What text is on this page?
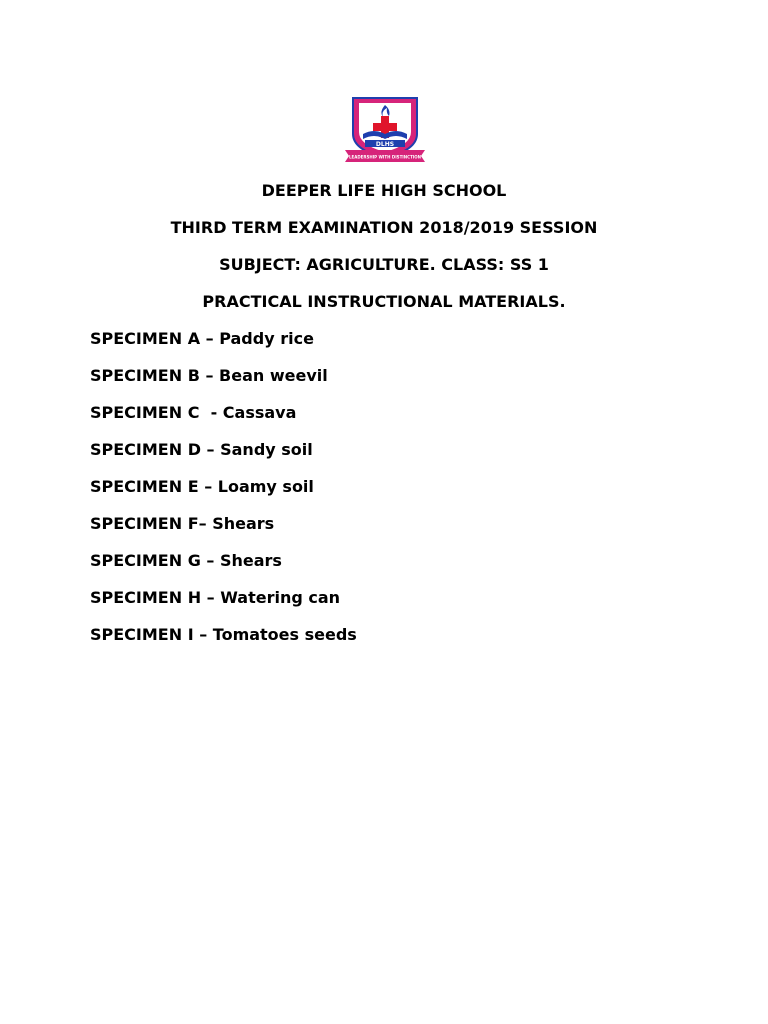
DLHS
LEADERSHIP WITH DISTINCTION
DEEPER LIFE HIGH SCHOOL
THIRD TERM EXAMINATION 2018/2019 SESSION
SUBJECT: AGRICULTURE. CLASS: SS 1
PRACTICAL INSTRUCTIONAL MATERIALS.
SPECIMEN A – Paddy rice
SPECIMEN B – Bean weevil
SPECIMEN C  - Cassava
SPECIMEN D – Sandy soil
SPECIMEN E – Loamy soil
SPECIMEN F– Shears
SPECIMEN G – Shears
SPECIMEN H – Watering can
SPECIMEN I – Tomatoes seeds
